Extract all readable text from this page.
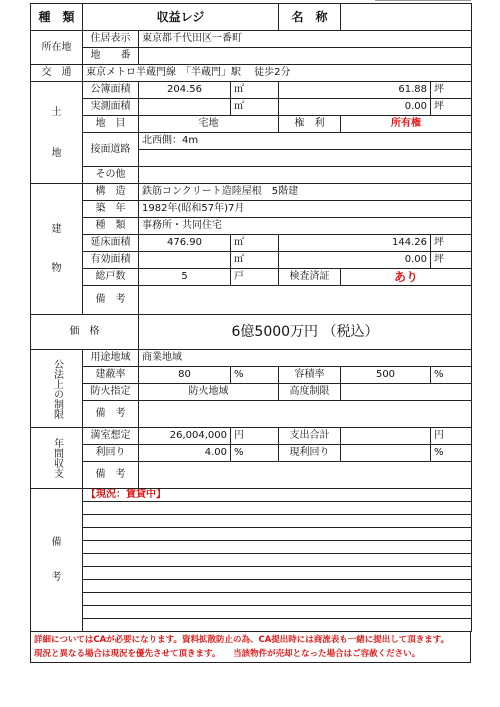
種　類	収益レジ			名　称		
所在地	住居表示	東京都千代田区一番町				
	地　　番					
交　通	東京メトロ半蔵門線　「半蔵門」駅　 徒歩2分					

土
地	公簿面積	204.56	㎡	61.88		坪
	実測面積		㎡	0.00		坪
	地　目	宅地		権　利	所有権	
	接面道路	北西側：4m				

	その他					

建
物	構　造	鉄筋コンクリート造陸屋根　5階建				
	築　年	1982年(昭和57年)7月				
	種　類	事務所・共同住宅				
	延床面積	476.90	㎡	144.26		坪
	有効面積		㎡	0.00		坪
	総戸数	5	戸	検査済証	あり	
	備　考					
価　格		6億5000万円 （税込）				

公法上の制限	用途地域	商業地域				
	建蔽率	80	%	容積率	500	%
	防火指定	防火地域		高度制限		
	備　考					

年間収支	満室想定	26,004,000	円	支出合計		円
	利回り	4.00	%	現利回り		%
	備　考					

備
考	【現況：賃貸中】					

詳細についてはCAが必要になります。資料拡散防止の為、CA提出時には商流表も一緒に提出して頂きます。
現況と異なる場合は現況を優先させて頂きます。　　当該物件が売却となった場合はご容赦ください。
